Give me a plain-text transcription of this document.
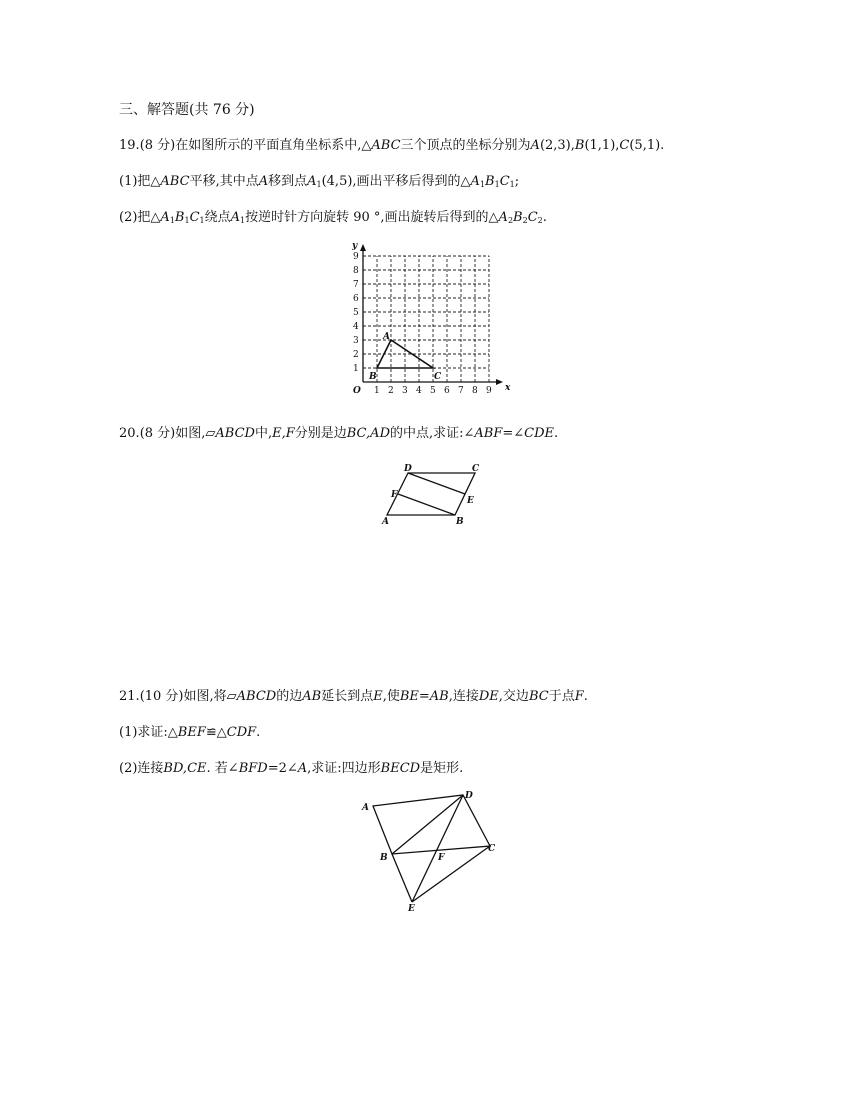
三、解答题(共 76 分)
19.(8 分)在如图所示的平面直角坐标系中,△ABC三个顶点的坐标分别为A(2,3),B(1,1),C(5,1).
(1)把△ABC平移,其中点A移到点$A_1(4,5)$,画出平移后得到的$\triangle A_1B_1C_1$;
(2)把$\triangle A_1B_1C_1$绕点$A_1$按逆时针方向旋转 90 °,画出旋转后得到的$\triangle A_2B_2C_2$.
1 2 3 4 5 6 7 8 9
1
2
3
4
5
6
7
8
9
x
y
O
A
B	C
20.(8 分)如图,▱ABCD中,E,F分别是边BC,AD的中点,求证:∠ABF=∠CDE.
A	B
C
D
E
F
21.(10 分)如图,将▱ABCD的边AB延长到点E,使BE=AB,连接DE,交边BC于点F.
(1)求证:△BEF≌△CDF.
(2)连接BD,CE. 若∠BFD=2∠A,求证:四边形BECD是矩形.
A
B
C
D
E
F
